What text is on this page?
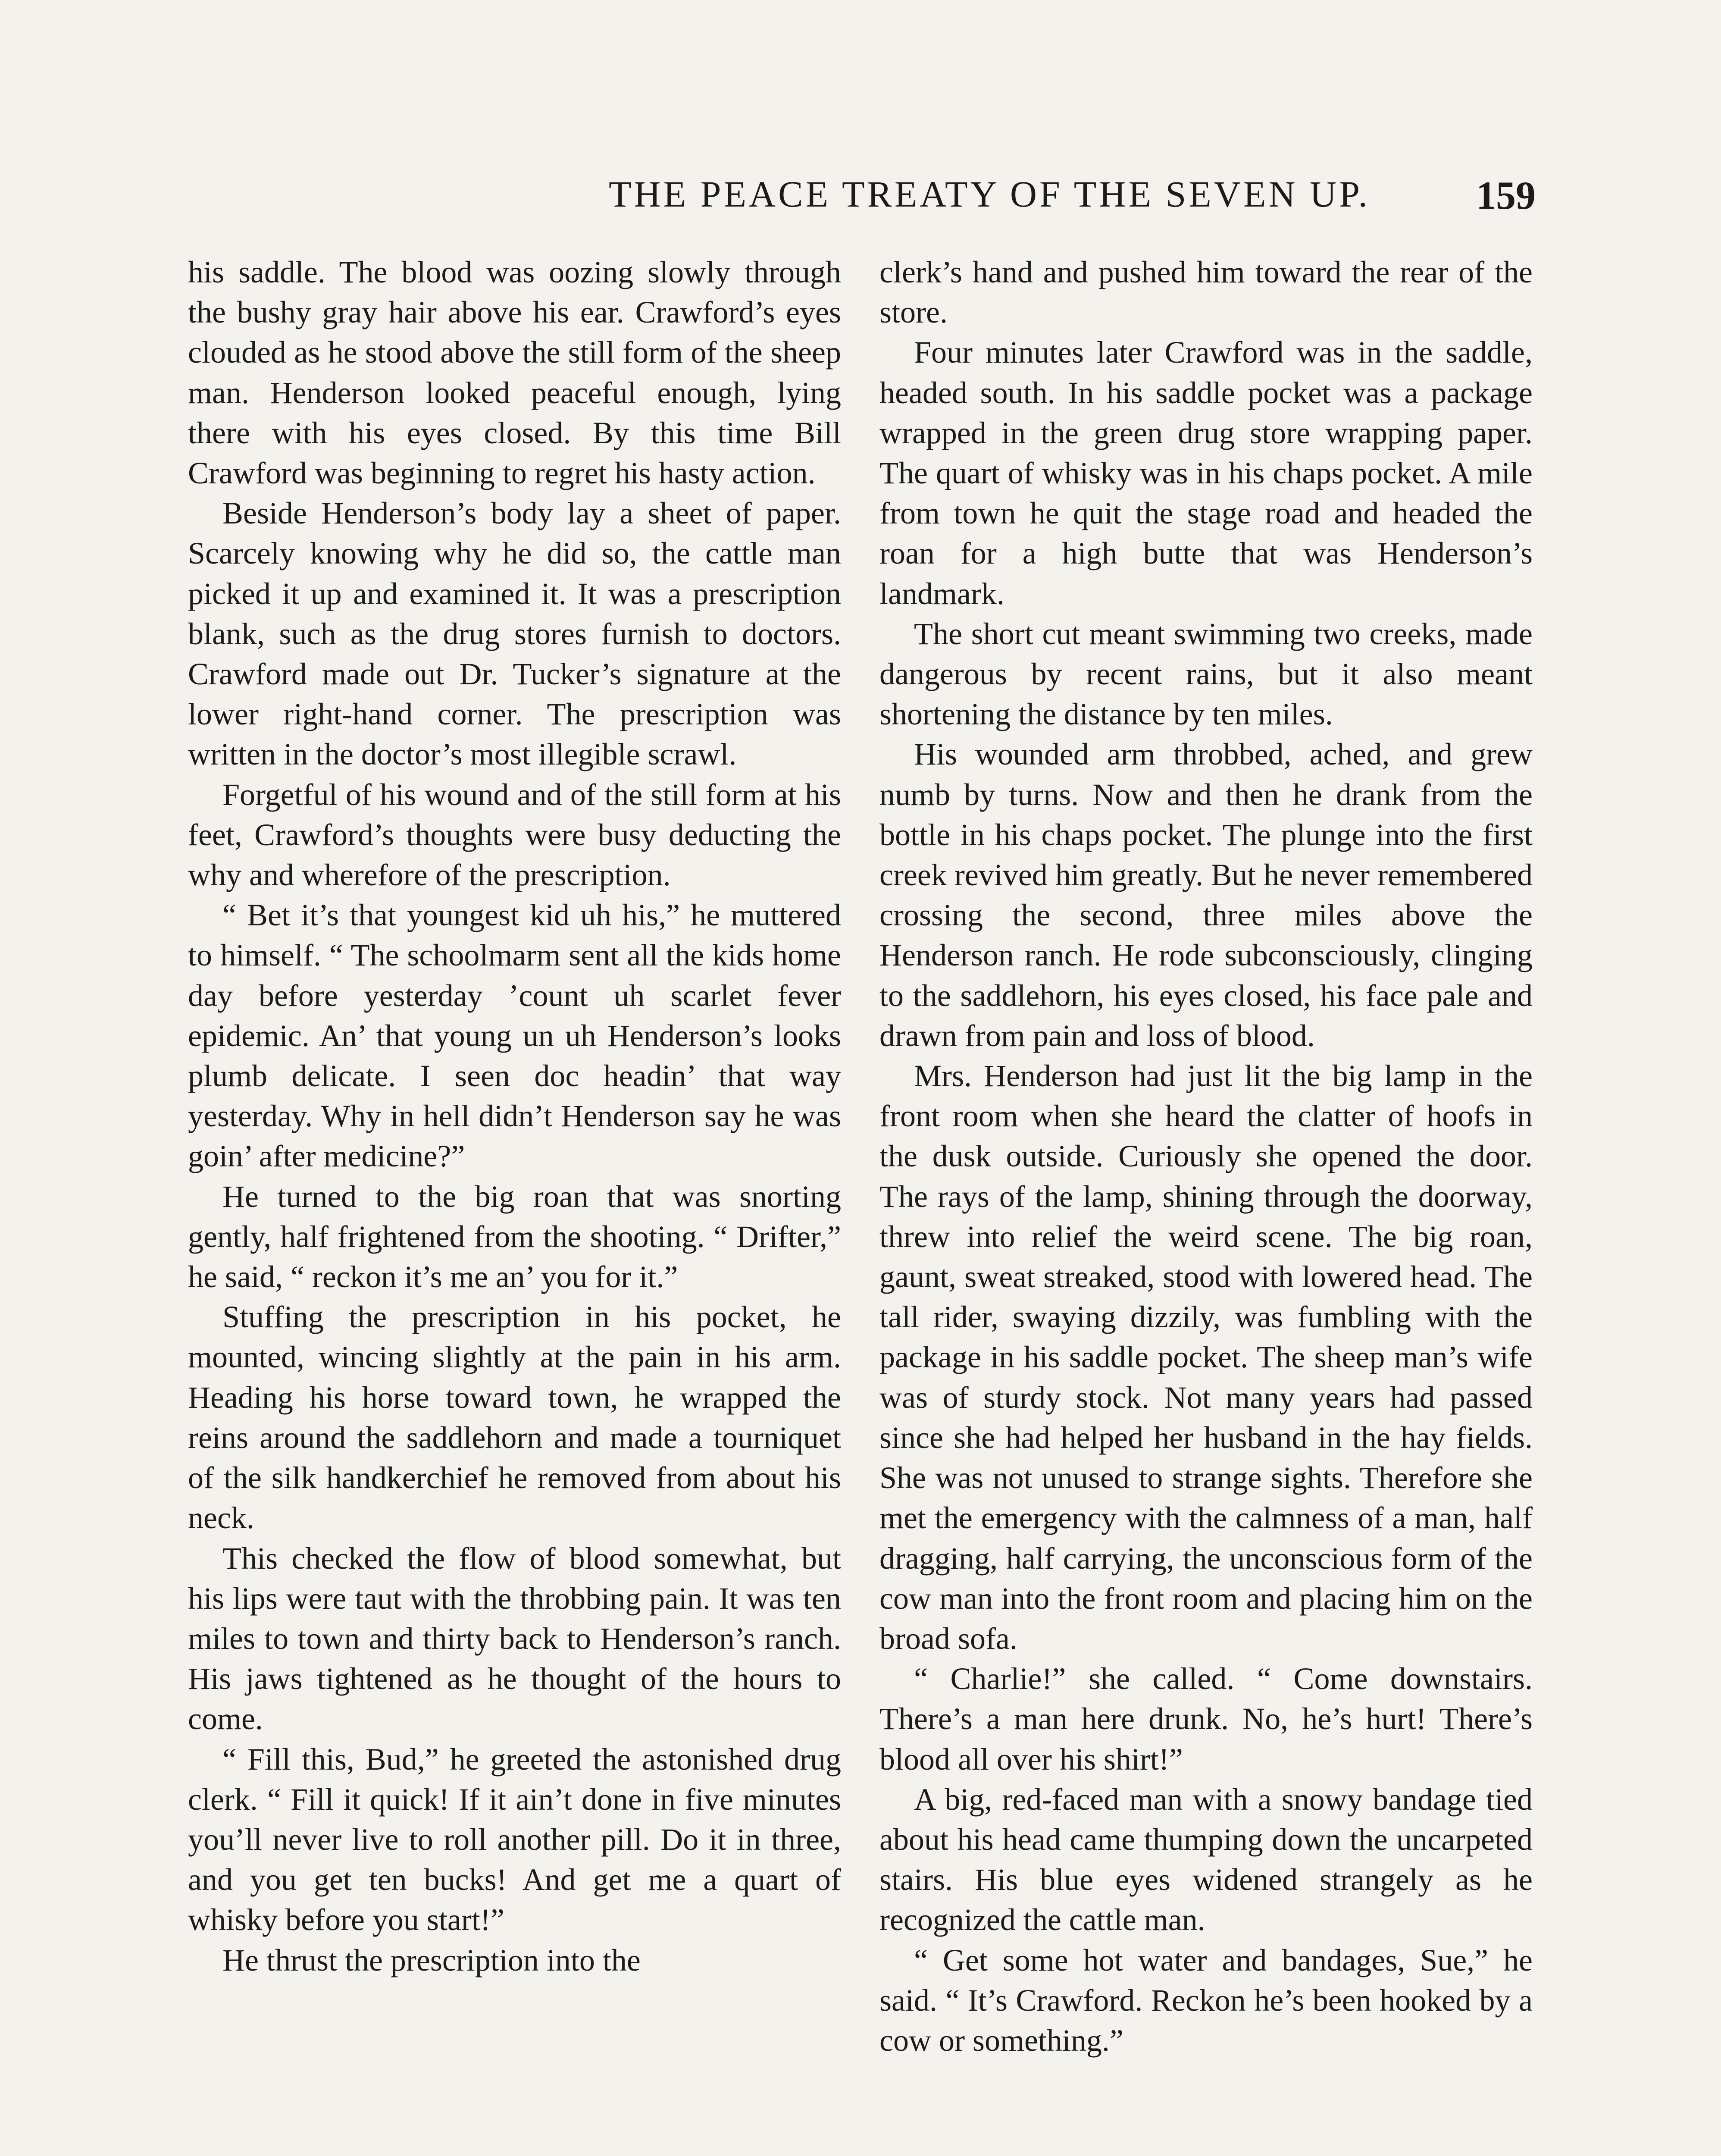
THE PEACE TREATY OF THE SEVEN UP.	159

his saddle. The blood was oozing slowly through the bushy gray hair above his ear. Crawford’s eyes clouded as he stood above the still form of the sheep man. Henderson looked peaceful enough, lying there with his eyes closed. By this time Bill Crawford was beginning to regret his hasty action.

Beside Henderson’s body lay a sheet of paper. Scarcely knowing why he did so, the cattle man picked it up and examined it. It was a prescription blank, such as the drug stores furnish to doctors. Crawford made out Dr. Tucker’s signature at the lower right-hand corner. The prescription was written in the doctor’s most illegible scrawl.

Forgetful of his wound and of the still form at his feet, Crawford’s thoughts were busy deducting the why and wherefore of the prescription.

“ Bet it’s that youngest kid uh his,” he muttered to himself. “ The schoolmarm sent all the kids home day before yesterday ’count uh scarlet fever epidemic. An’ that young un uh Henderson’s looks plumb delicate. I seen doc headin’ that way yesterday. Why in hell didn’t Henderson say he was goin’ after medicine?”

He turned to the big roan that was snorting gently, half frightened from the shooting. “ Drifter,” he said, “ reckon it’s me an’ you for it.”

Stuffing the prescription in his pocket, he mounted, wincing slightly at the pain in his arm. Heading his horse toward town, he wrapped the reins around the saddlehorn and made a tourniquet of the silk handkerchief he removed from about his neck.

This checked the flow of blood somewhat, but his lips were taut with the throbbing pain. It was ten miles to town and thirty back to Henderson’s ranch. His jaws tightened as he thought of the hours to come.

“ Fill this, Bud,” he greeted the astonished drug clerk. “ Fill it quick! If it ain’t done in five minutes you’ll never live to roll another pill. Do it in three, and you get ten bucks! And get me a quart of whisky before you start!”

He thrust the prescription into the

clerk’s hand and pushed him toward the rear of the store.

Four minutes later Crawford was in the saddle, headed south. In his saddle pocket was a package wrapped in the green drug store wrapping paper. The quart of whisky was in his chaps pocket. A mile from town he quit the stage road and headed the roan for a high butte that was Henderson’s landmark.

The short cut meant swimming two creeks, made dangerous by recent rains, but it also meant shortening the distance by ten miles.

His wounded arm throbbed, ached, and grew numb by turns. Now and then he drank from the bottle in his chaps pocket. The plunge into the first creek revived him greatly. But he never remembered crossing the second, three miles above the Henderson ranch. He rode subconsciously, clinging to the saddlehorn, his eyes closed, his face pale and drawn from pain and loss of blood.

Mrs. Henderson had just lit the big lamp in the front room when she heard the clatter of hoofs in the dusk outside. Curiously she opened the door. The rays of the lamp, shining through the doorway, threw into relief the weird scene. The big roan, gaunt, sweat streaked, stood with lowered head. The tall rider, swaying dizzily, was fumbling with the package in his saddle pocket. The sheep man’s wife was of sturdy stock. Not many years had passed since she had helped her husband in the hay fields. She was not unused to strange sights. Therefore she met the emergency with the calmness of a man, half dragging, half carrying, the unconscious form of the cow man into the front room and placing him on the broad sofa.

“ Charlie!” she called. “ Come downstairs. There’s a man here drunk. No, he’s hurt! There’s blood all over his shirt!”

A big, red-faced man with a snowy bandage tied about his head came thumping down the uncarpeted stairs. His blue eyes widened strangely as he recognized the cattle man.

“ Get some hot water and bandages, Sue,” he said. “ It’s Crawford. Reckon he’s been hooked by a cow or something.”
